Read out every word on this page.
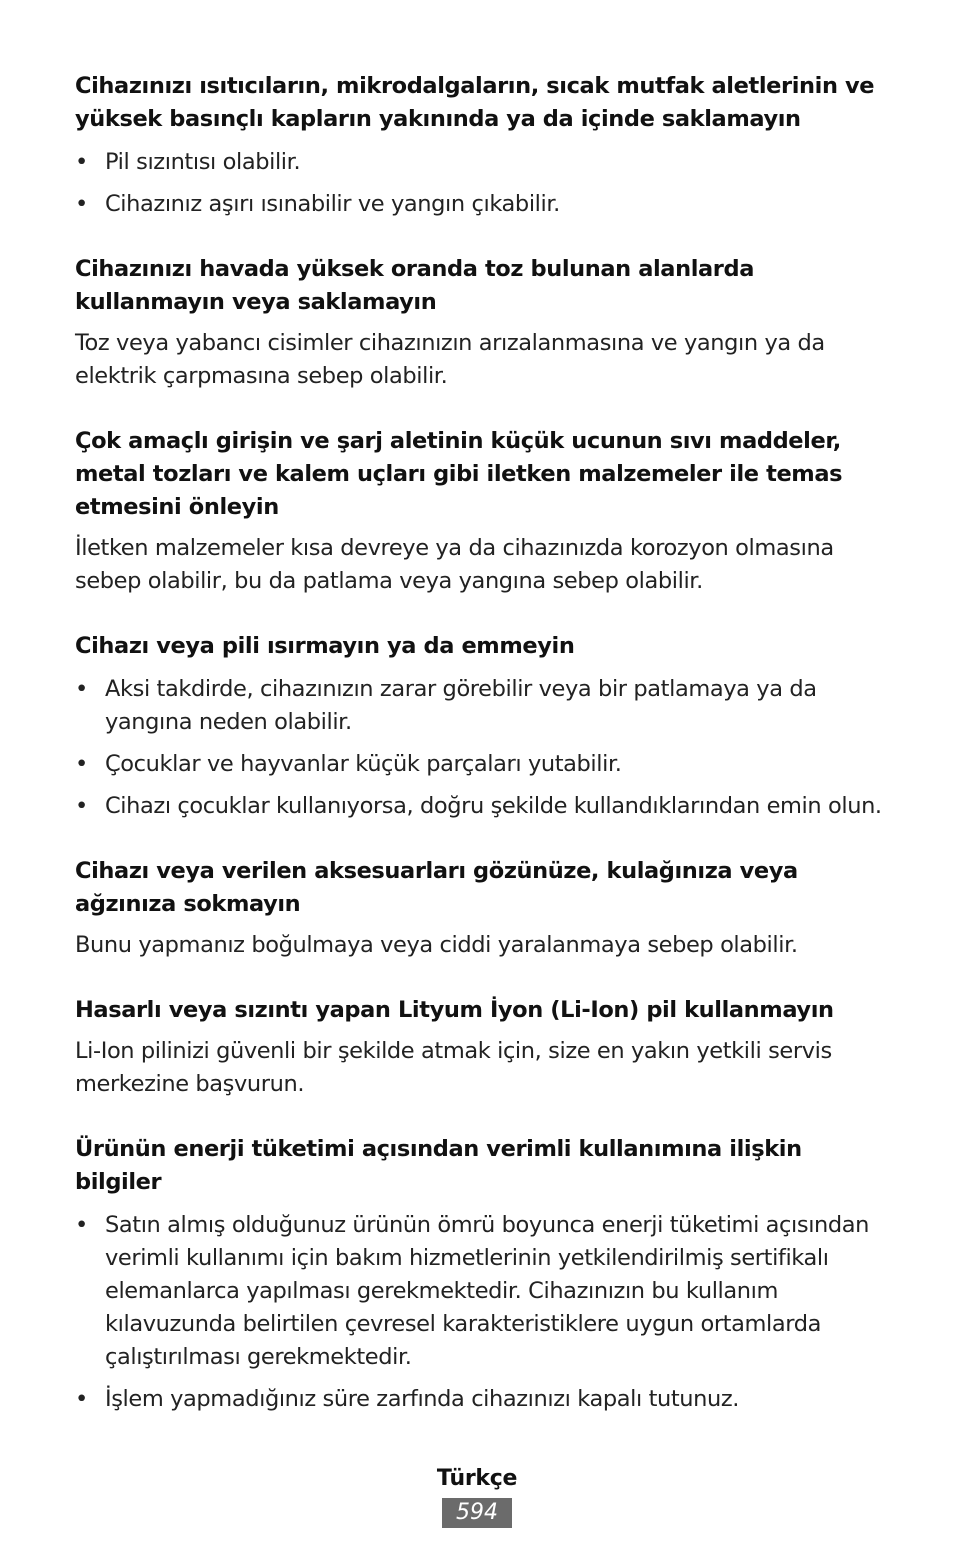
Cihazınızı ısıtıcıların, mikrodalgaların, sıcak mutfak aletlerinin ve yüksek basınçlı kapların yakınında ya da içinde saklamayın

• Pil sızıntısı olabilir.
• Cihazınız aşırı ısınabilir ve yangın çıkabilir.

Cihazınızı havada yüksek oranda toz bulunan alanlarda kullanmayın veya saklamayın

Toz veya yabancı cisimler cihazınızın arızalanmasına ve yangın ya da elektrik çarpmasına sebep olabilir.

Çok amaçlı girişin ve şarj aletinin küçük ucunun sıvı maddeler, metal tozları ve kalem uçları gibi iletken malzemeler ile temas etmesini önleyin

İletken malzemeler kısa devreye ya da cihazınızda korozyon olmasına sebep olabilir, bu da patlama veya yangına sebep olabilir.

Cihazı veya pili ısırmayın ya da emmeyin

• Aksi takdirde, cihazınızın zarar görebilir veya bir patlamaya ya da yangına neden olabilir.
• Çocuklar ve hayvanlar küçük parçaları yutabilir.
• Cihazı çocuklar kullanıyorsa, doğru şekilde kullandıklarından emin olun.

Cihazı veya verilen aksesuarları gözünüze, kulağınıza veya ağzınıza sokmayın

Bunu yapmanız boğulmaya veya ciddi yaralanmaya sebep olabilir.

Hasarlı veya sızıntı yapan Lityum İyon (Li-Ion) pil kullanmayın

Li-Ion pilinizi güvenli bir şekilde atmak için, size en yakın yetkili servis merkezine başvurun.

Ürünün enerji tüketimi açısından verimli kullanımına ilişkin bilgiler

• Satın almış olduğunuz ürünün ömrü boyunca enerji tüketimi açısından verimli kullanımı için bakım hizmetlerinin yetkilendirilmiş sertifikalı elemanlarca yapılması gerekmektedir. Cihazınızın bu kullanım kılavuzunda belirtilen çevresel karakteristiklere uygun ortamlarda çalıştırılması gerekmektedir.
• İşlem yapmadığınız süre zarfında cihazınızı kapalı tutunuz.
Türkçe
594
